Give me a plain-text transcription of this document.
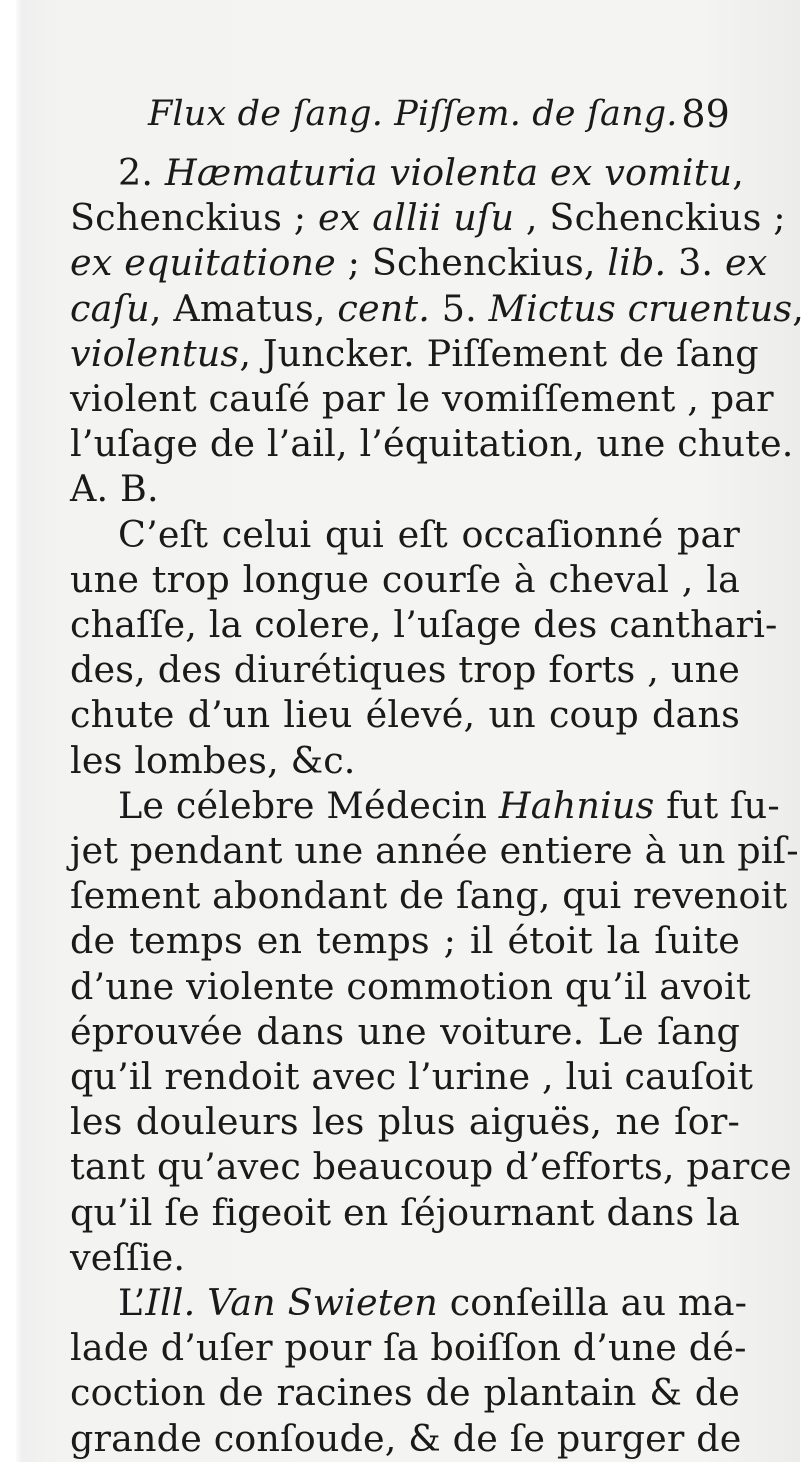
Flux de ſang. Piſſem. de ſang. 89
2. Hæmaturia violenta ex vomitu,
Schenckius ; ex allii uſu , Schenckius ;
ex equitatione ; Schenckius, lib. 3. ex
caſu, Amatus, cent. 5. Mictus cruentus,
violentus, Juncker. Piſſement de ſang
violent cauſé par le vomiſſement , par
l’uſage de l’ail, l’équitation, une chute.
A. B.
C’eſt celui qui eſt occaſionné par
une trop longue courſe à cheval , la
chaſſe, la colere, l’uſage des canthari-
des, des diurétiques trop forts , une
chute d’un lieu élevé, un coup dans
les lombes, &c.
Le célebre Médecin Hahnius fut ſu-
jet pendant une année entiere à un piſ-
ſement abondant de ſang, qui revenoit
de temps en temps ; il étoit la ſuite
d’une violente commotion qu’il avoit
éprouvée dans une voiture. Le ſang
qu’il rendoit avec l’urine , lui cauſoit
les douleurs les plus aiguës, ne ſor-
tant qu’avec beaucoup d’efforts, parce
qu’il ſe figeoit en ſéjournant dans la
veſſie.
L’Ill. Van Swieten conſeilla au ma-
lade d’uſer pour ſa boiſſon d’une dé-
coction de racines de plantain & de
grande conſoude, & de ſe purger de
